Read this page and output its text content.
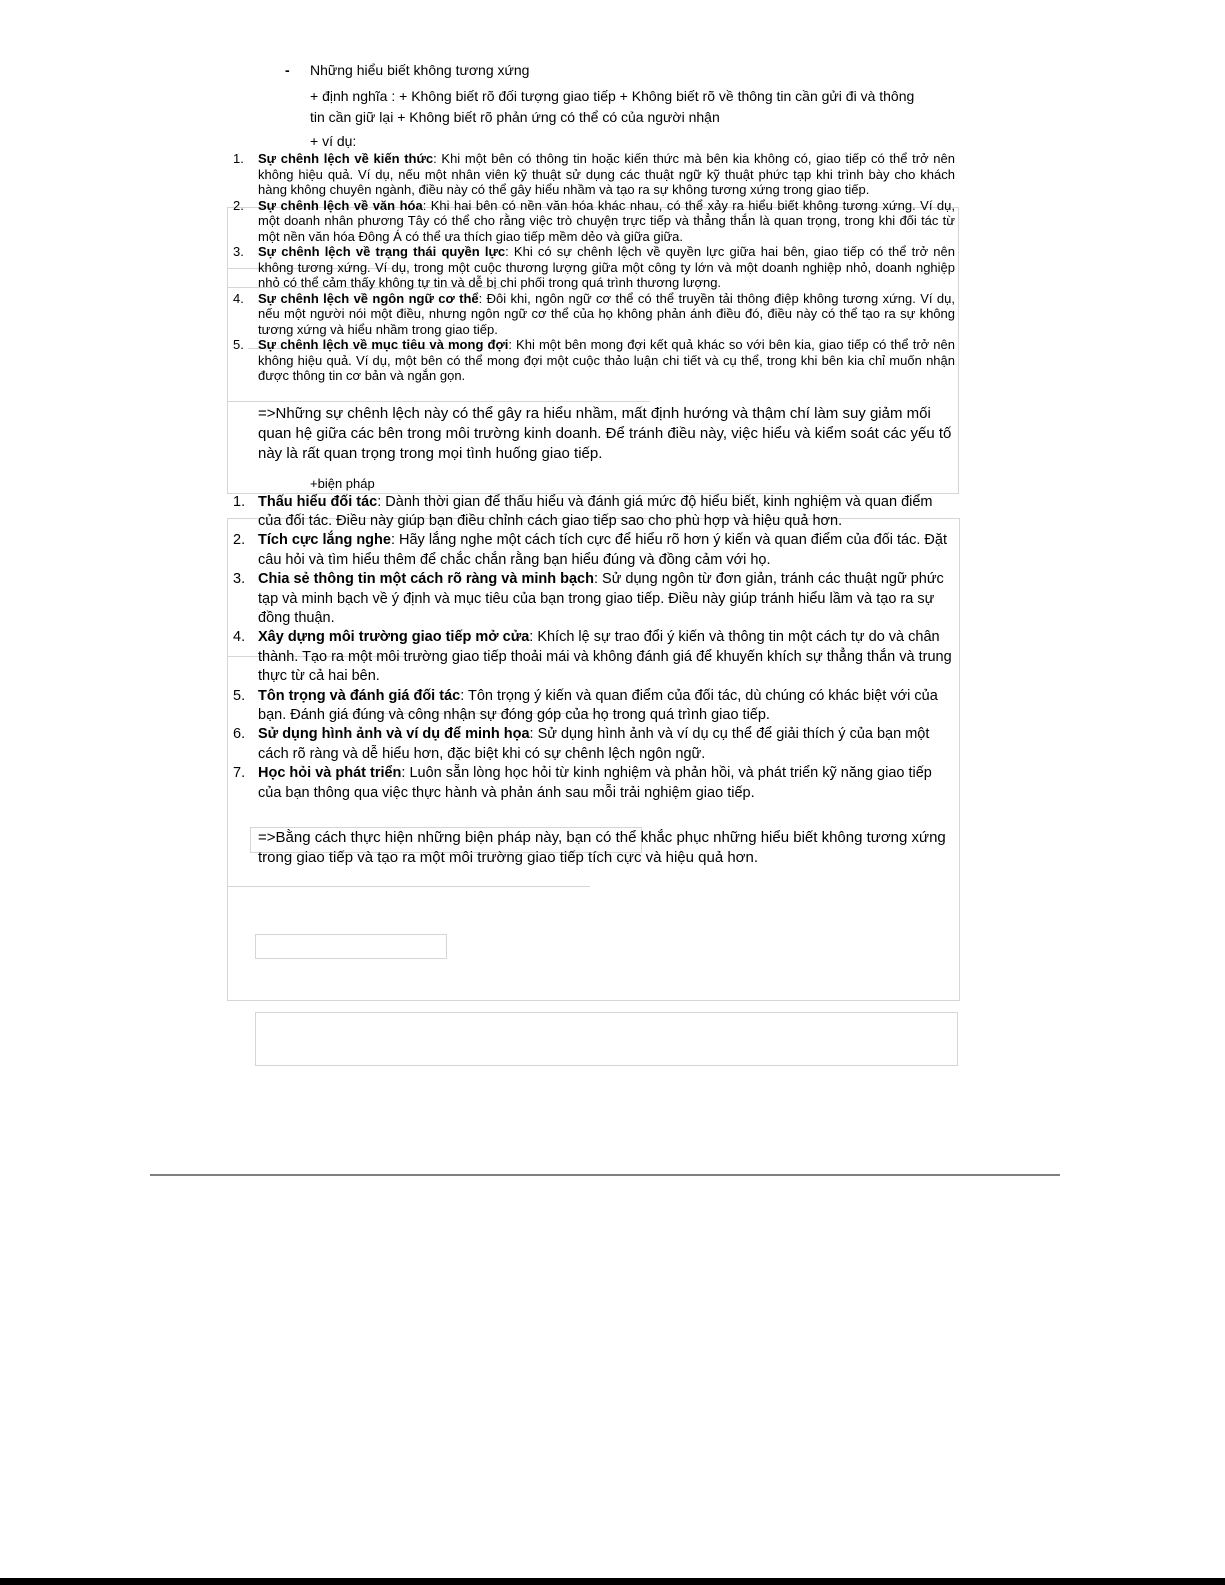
-	Những hiểu biết không tương xứng

+ định nghĩa : + Không biết rõ đối tượng giao tiếp + Không biết rõ về thông tin cần gửi đi và thông tin cần giữ lại + Không biết rõ phản ứng có thể có của người nhận

+ ví dụ:

1.	Sự chênh lệch về kiến thức: Khi một bên có thông tin hoặc kiến thức mà bên kia không có, giao tiếp có thể trở nên không hiệu quả. Ví dụ, nếu một nhân viên kỹ thuật sử dụng các thuật ngữ kỹ thuật phức tạp khi trình bày cho khách hàng không chuyên ngành, điều này có thể gây hiểu nhầm và tạo ra sự không tương xứng trong giao tiếp.
2.	Sự chênh lệch về văn hóa: Khi hai bên có nền văn hóa khác nhau, có thể xảy ra hiểu biết không tương xứng. Ví dụ, một doanh nhân phương Tây có thể cho rằng việc trò chuyện trực tiếp và thẳng thắn là quan trọng, trong khi đối tác từ một nền văn hóa Đông Á có thể ưa thích giao tiếp mềm dẻo và giữa giữa.
3.	Sự chênh lệch về trạng thái quyền lực: Khi có sự chênh lệch về quyền lực giữa hai bên, giao tiếp có thể trở nên không tương xứng. Ví dụ, trong một cuộc thương lượng giữa một công ty lớn và một doanh nghiệp nhỏ, doanh nghiệp nhỏ có thể cảm thấy không tự tin và dễ bị chi phối trong quá trình thương lượng.
4.	Sự chênh lệch về ngôn ngữ cơ thể: Đôi khi, ngôn ngữ cơ thể có thể truyền tải thông điệp không tương xứng. Ví dụ, nếu một người nói một điều, nhưng ngôn ngữ cơ thể của họ không phản ánh điều đó, điều này có thể tạo ra sự không tương xứng và hiểu nhầm trong giao tiếp.
5.	Sự chênh lệch về mục tiêu và mong đợi: Khi một bên mong đợi kết quả khác so với bên kia, giao tiếp có thể trở nên không hiệu quả. Ví dụ, một bên có thể mong đợi một cuộc thảo luận chi tiết và cụ thể, trong khi bên kia chỉ muốn nhận được thông tin cơ bản và ngắn gọn.

=>Những sự chênh lệch này có thể gây ra hiểu nhầm, mất định hướng và thậm chí làm suy giảm mối quan hệ giữa các bên trong môi trường kinh doanh. Để tránh điều này, việc hiểu và kiểm soát các yếu tố này là rất quan trọng trong mọi tình huống giao tiếp.

+biện pháp

1. Thấu hiểu đối tác: Dành thời gian để thấu hiểu và đánh giá mức độ hiểu biết, kinh nghiệm và quan điểm của đối tác. Điều này giúp bạn điều chỉnh cách giao tiếp sao cho phù hợp và hiệu quả hơn.
2. Tích cực lắng nghe: Hãy lắng nghe một cách tích cực để hiểu rõ hơn ý kiến và quan điểm của đối tác. Đặt câu hỏi và tìm hiểu thêm để chắc chắn rằng bạn hiểu đúng và đồng cảm với họ.
3. Chia sẻ thông tin một cách rõ ràng và minh bạch: Sử dụng ngôn từ đơn giản, tránh các thuật ngữ phức tạp và minh bạch về ý định và mục tiêu của bạn trong giao tiếp. Điều này giúp tránh hiểu lầm và tạo ra sự đồng thuận.
4. Xây dựng môi trường giao tiếp mở cửa: Khích lệ sự trao đổi ý kiến và thông tin một cách tự do và chân thành. Tạo ra một môi trường giao tiếp thoải mái và không đánh giá để khuyến khích sự thẳng thắn và trung thực từ cả hai bên.
5. Tôn trọng và đánh giá đối tác: Tôn trọng ý kiến và quan điểm của đối tác, dù chúng có khác biệt với của bạn. Đánh giá đúng và công nhận sự đóng góp của họ trong quá trình giao tiếp.
6. Sử dụng hình ảnh và ví dụ để minh họa: Sử dụng hình ảnh và ví dụ cụ thể để giải thích ý của bạn một cách rõ ràng và dễ hiểu hơn, đặc biệt khi có sự chênh lệch ngôn ngữ.
7. Học hỏi và phát triển: Luôn sẵn lòng học hỏi từ kinh nghiệm và phản hồi, và phát triển kỹ năng giao tiếp của bạn thông qua việc thực hành và phản ánh sau mỗi trải nghiệm giao tiếp.

=>Bằng cách thực hiện những biện pháp này, bạn có thể khắc phục những hiểu biết không tương xứng trong giao tiếp và tạo ra một môi trường giao tiếp tích cực và hiệu quả hơn.
